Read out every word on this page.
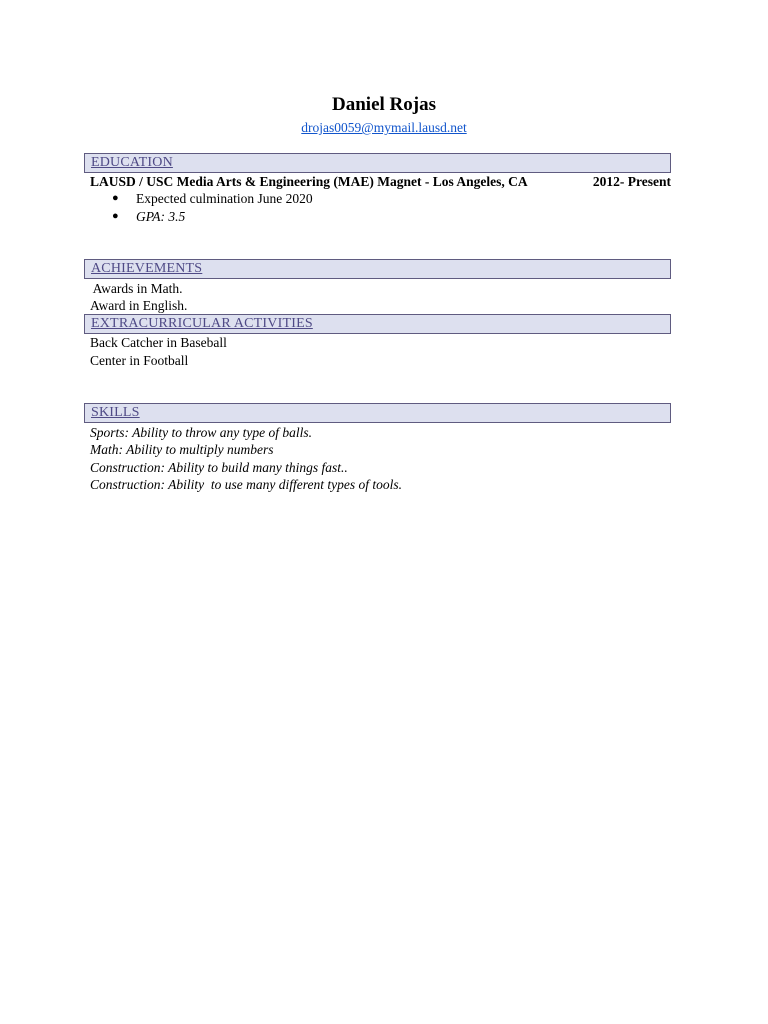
Daniel Rojas
drojas0059@mymail.lausd.net
EDUCATION
LAUSD / USC Media Arts & Engineering (MAE) Magnet - Los Angeles, CA	2012- Present
● Expected culmination June 2020
● GPA: 3.5
ACHIEVEMENTS
Awards in Math.
Award in English.
EXTRACURRICULAR ACTIVITIES
Back Catcher in Baseball
Center in Football
SKILLS
Sports: Ability to throw any type of balls.
Math: Ability to multiply numbers
Construction: Ability to build many things fast..
Construction: Ability  to use many different types of tools.
